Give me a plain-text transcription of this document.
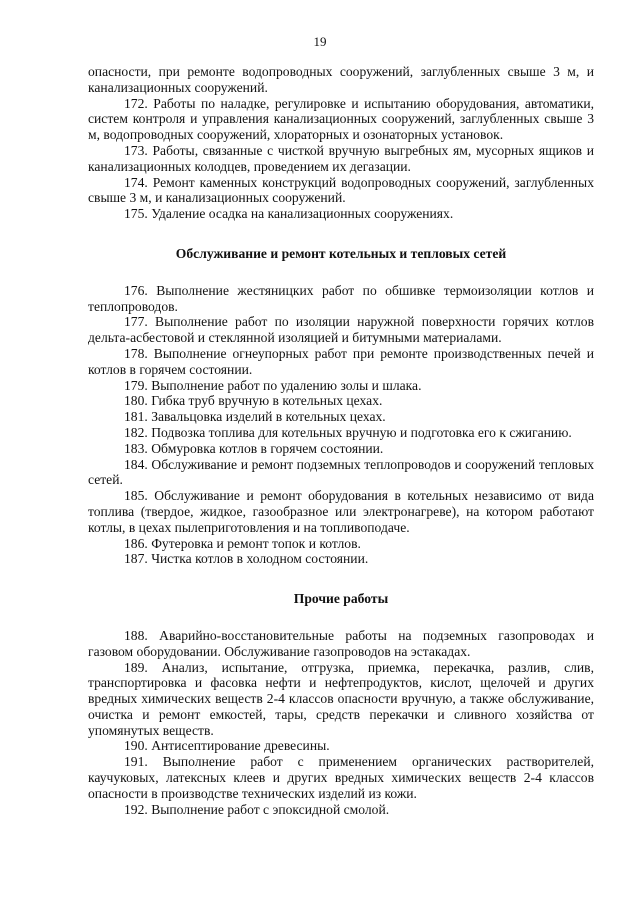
19

опасности, при ремонте водопроводных сооружений, заглубленных свыше 3 м, и канализационных сооружений.

172. Работы по наладке, регулировке и испытанию оборудования, автоматики, систем контроля и управления канализационных сооружений, заглубленных свыше 3 м, водопроводных сооружений, хлораторных и озонаторных установок.

173. Работы, связанные с чисткой вручную выгребных ям, мусорных ящиков и канализационных колодцев, проведением их дегазации.

174. Ремонт каменных конструкций водопроводных сооружений, заглубленных свыше 3 м, и канализационных сооружений.

175. Удаление осадка на канализационных сооружениях.

Обслуживание и ремонт котельных и тепловых сетей

176. Выполнение жестяницких работ по обшивке термоизоляции котлов и теплопроводов.

177. Выполнение работ по изоляции наружной поверхности горячих котлов дельта-асбестовой и стеклянной изоляцией и битумными материалами.

178. Выполнение огнеупорных работ при ремонте производственных печей и котлов в горячем состоянии.

179. Выполнение работ по удалению золы и шлака.

180. Гибка труб вручную в котельных цехах.

181. Завальцовка изделий в котельных цехах.

182. Подвозка топлива для котельных вручную и подготовка его к сжиганию.

183. Обмуровка котлов в горячем состоянии.

184. Обслуживание и ремонт подземных теплопроводов и сооружений тепловых сетей.

185. Обслуживание и ремонт оборудования в котельных независимо от вида топлива (твердое, жидкое, газообразное или электронагреве), на котором работают котлы, в цехах пылеприготовления и на топливоподаче.

186. Футеровка и ремонт топок и котлов.

187. Чистка котлов в холодном состоянии.

Прочие работы

188. Аварийно-восстановительные работы на подземных газопроводах и газовом оборудовании. Обслуживание газопроводов на эстакадах.

189. Анализ, испытание, отгрузка, приемка, перекачка, разлив, слив, транспортировка и фасовка нефти и нефтепродуктов, кислот, щелочей и других вредных химических веществ 2-4 классов опасности вручную, а также обслуживание, очистка и ремонт емкостей, тары, средств перекачки и сливного хозяйства от упомянутых веществ.

190. Антисептирование древесины.

191. Выполнение работ с применением органических растворителей, каучуковых, латексных клеев и других вредных химических веществ 2-4 классов опасности в производстве технических изделий из кожи.

192. Выполнение работ с эпоксидной смолой.
